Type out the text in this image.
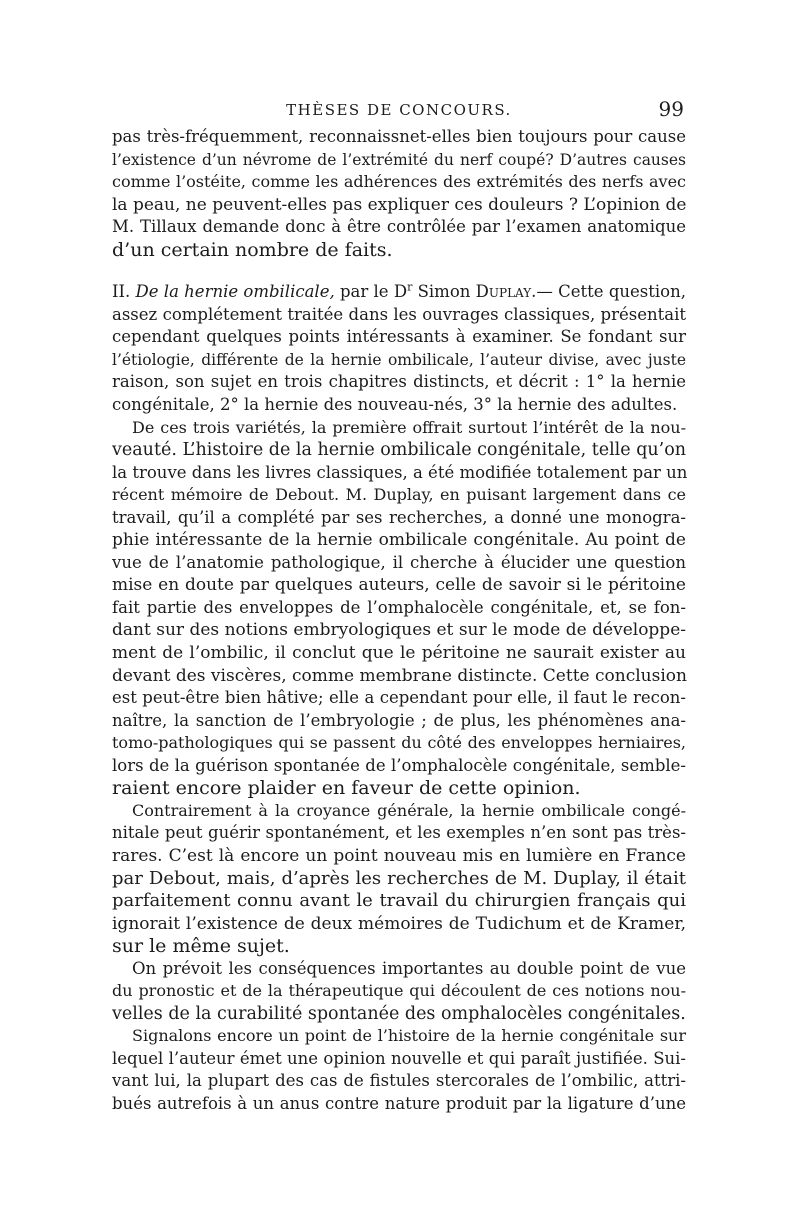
THÈSES DE CONCOURS.	99
pas très-fréquemment, reconnaissnet-elles bien toujours pour cause
l’existence d’un névrome de l’extrémité du nerf coupé? D’autres causes
comme l’ostéite, comme les adhérences des extrémités des nerfs avec
la peau, ne peuvent-elles pas expliquer ces douleurs ? L’opinion de
M. Tillaux demande donc à être contrôlée par l’examen anatomique
d’un certain nombre de faits.
II. De la hernie ombilicale, par le $D^r$ Simon Duplay.— Cette question,
assez complétement traitée dans les ouvrages classiques, présentait
cependant quelques points intéressants à examiner. Se fondant sur
l’étiologie, différente de la hernie ombilicale, l’auteur divise, avec juste
raison, son sujet en trois chapitres distincts, et décrit : 1° la hernie
congénitale, 2° la hernie des nouveau-nés, 3° la hernie des adultes.
De ces trois variétés, la première offrait surtout l’intérêt de la nou-
veauté. L’histoire de la hernie ombilicale congénitale, telle qu’on
la trouve dans les livres classiques, a été modifiée totalement par un
récent mémoire de Debout. M. Duplay, en puisant largement dans ce
travail, qu’il a complété par ses recherches, a donné une monogra-
phie intéressante de la hernie ombilicale congénitale. Au point de
vue de l’anatomie pathologique, il cherche à élucider une question
mise en doute par quelques auteurs, celle de savoir si le péritoine
fait partie des enveloppes de l’omphalocèle congénitale, et, se fon-
dant sur des notions embryologiques et sur le mode de développe-
ment de l’ombilic, il conclut que le péritoine ne saurait exister au
devant des viscères, comme membrane distincte. Cette conclusion
est peut-être bien hâtive; elle a cependant pour elle, il faut le recon-
naître, la sanction de l’embryologie ; de plus, les phénomènes ana-
tomo-pathologiques qui se passent du côté des enveloppes herniaires,
lors de la guérison spontanée de l’omphalocèle congénitale, semble-
raient encore plaider en faveur de cette opinion.
Contrairement à la croyance générale, la hernie ombilicale congé-
nitale peut guérir spontanément, et les exemples n’en sont pas très-
rares. C’est là encore un point nouveau mis en lumière en France
par Debout, mais, d’après les recherches de M. Duplay, il était
parfaitement connu avant le travail du chirurgien français qui
ignorait l’existence de deux mémoires de Tudichum et de Kramer,
sur le même sujet.
On prévoit les conséquences importantes au double point de vue
du pronostic et de la thérapeutique qui découlent de ces notions nou-
velles de la curabilité spontanée des omphalocèles congénitales.
Signalons encore un point de l’histoire de la hernie congénitale sur
lequel l’auteur émet une opinion nouvelle et qui paraît justifiée. Sui-
vant lui, la plupart des cas de fistules stercorales de l’ombilic, attri-
bués autrefois à un anus contre nature produit par la ligature d’une
